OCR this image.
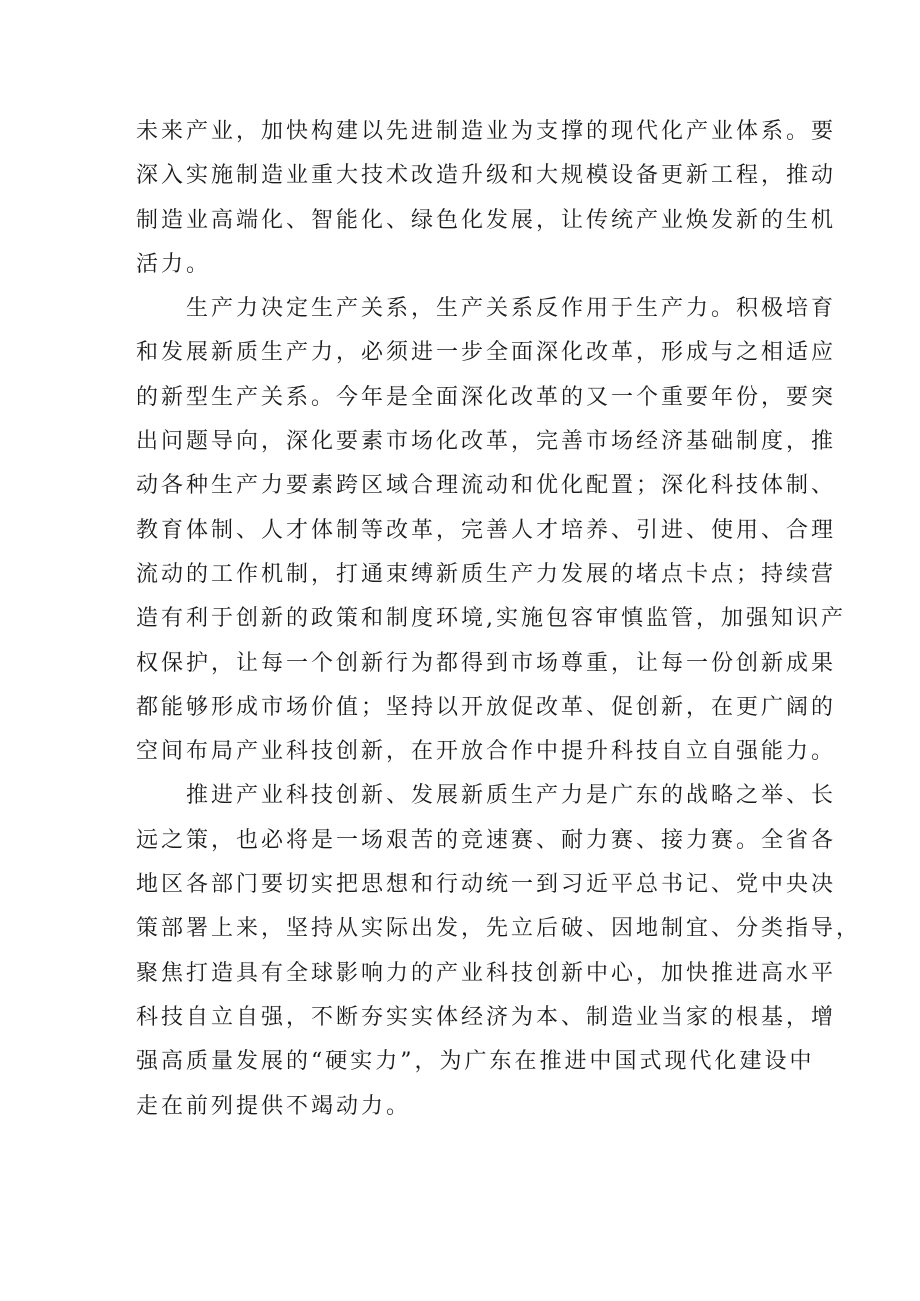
未来产业，加快构建以先进制造业为支撑的现代化产业体系。要
深入实施制造业重大技术改造升级和大规模设备更新工程，推动
制造业高端化、智能化、绿色化发展，让传统产业焕发新的生机
活力。
生产力决定生产关系，生产关系反作用于生产力。积极培育
和发展新质生产力，必须进一步全面深化改革，形成与之相适应
的新型生产关系。今年是全面深化改革的又一个重要年份，要突
出问题导向，深化要素市场化改革，完善市场经济基础制度，推
动各种生产力要素跨区域合理流动和优化配置；深化科技体制、
教育体制、人才体制等改革，完善人才培养、引进、使用、合理
流动的工作机制，打通束缚新质生产力发展的堵点卡点；持续营
造有利于创新的政策和制度环境,实施包容审慎监管，加强知识产
权保护，让每一个创新行为都得到市场尊重，让每一份创新成果
都能够形成市场价值；坚持以开放促改革、促创新，在更广阔的
空间布局产业科技创新，在开放合作中提升科技自立自强能力。
推进产业科技创新、发展新质生产力是广东的战略之举、长
远之策，也必将是一场艰苦的竞速赛、耐力赛、接力赛。全省各
地区各部门要切实把思想和行动统一到习近平总书记、党中央决
策部署上来，坚持从实际出发，先立后破、因地制宜、分类指导，
聚焦打造具有全球影响力的产业科技创新中心，加快推进高水平
科技自立自强，不断夯实实体经济为本、制造业当家的根基，增
强高质量发展的“硬实力”，为广东在推进中国式现代化建设中
走在前列提供不竭动力。
